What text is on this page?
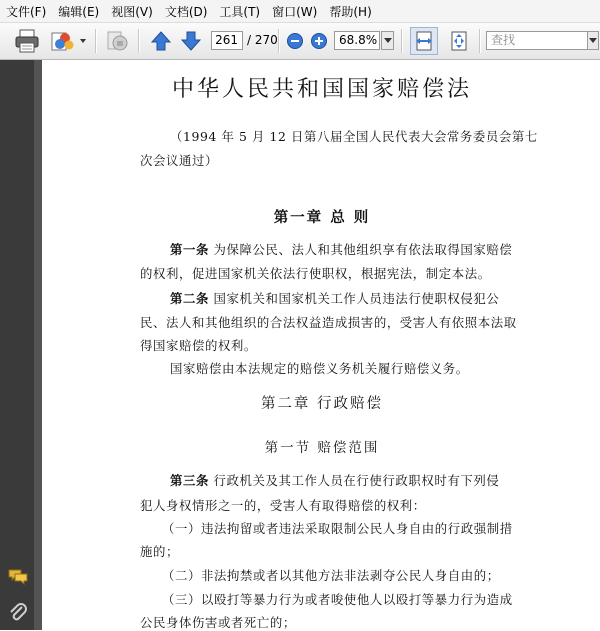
文件(F)	编辑(E)	视图(V)	文档(D)	工具(T)	窗口(W)	帮助(H)
261 / 270	68.8%	查找
中华人民共和国国家赔偿法
（1994 年 5 月 12 日第八届全国人民代表大会常务委员会第七
次会议通过）
第一章 总 则
第一条 为保障公民、法人和其他组织享有依法取得国家赔偿
的权利，促进国家机关依法行使职权，根据宪法，制定本法。
第二条 国家机关和国家机关工作人员违法行使职权侵犯公
民、法人和其他组织的合法权益造成损害的，受害人有依照本法取
得国家赔偿的权利。
国家赔偿由本法规定的赔偿义务机关履行赔偿义务。
第二章 行政赔偿
第一节 赔偿范围
第三条 行政机关及其工作人员在行使行政职权时有下列侵
犯人身权情形之一的，受害人有取得赔偿的权利：
（一）违法拘留或者违法采取限制公民人身自由的行政强制措
施的；
（二）非法拘禁或者以其他方法非法剥夺公民人身自由的；
（三）以殴打等暴力行为或者唆使他人以殴打等暴力行为造成
公民身体伤害或者死亡的；
